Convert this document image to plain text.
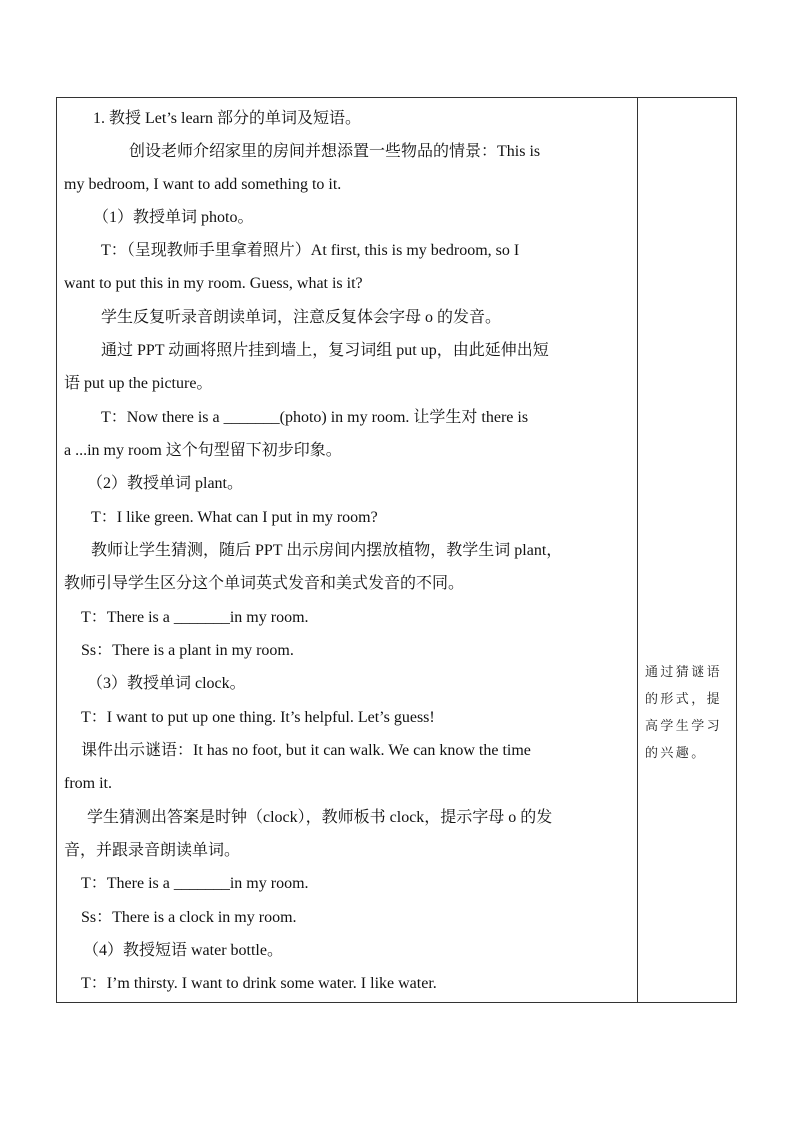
1. 教授 Let’s learn 部分的单词及短语。
创设老师介绍家里的房间并想添置一些物品的情景：This is
my bedroom, I want to add something to it.
（1）教授单词 photo。
T：（呈现教师手里拿着照片）At first, this is my bedroom, so I
want to put this in my room. Guess, what is it?
学生反复听录音朗读单词，注意反复体会字母 o 的发音。
通过 PPT 动画将照片挂到墙上，复习词组 put up，由此延伸出短
语 put up the picture。
T：Now there is a _______(photo) in my room. 让学生对 there is
a ...in my room 这个句型留下初步印象。
（2）教授单词 plant。
T：I like green. What can I put in my room?
教师让学生猜测，随后 PPT 出示房间内摆放植物，教学生词 plant，
教师引导学生区分这个单词英式发音和美式发音的不同。
T：There is a _______in my room.
Ss：There is a plant in my room.
（3）教授单词 clock。
T：I want to put up one thing. It’s helpful. Let’s guess!
课件出示谜语：It has no foot, but it can walk. We can know the time
from it.
学生猜测出答案是时钟（clock），教师板书 clock，提示字母 o 的发
音，并跟录音朗读单词。
T：There is a _______in my room.
Ss：There is a clock in my room.
（4）教授短语 water bottle。
T：I’m thirsty. I want to drink some water. I like water.
通过猜谜语
的形式，提
高学生学习
的兴趣。
